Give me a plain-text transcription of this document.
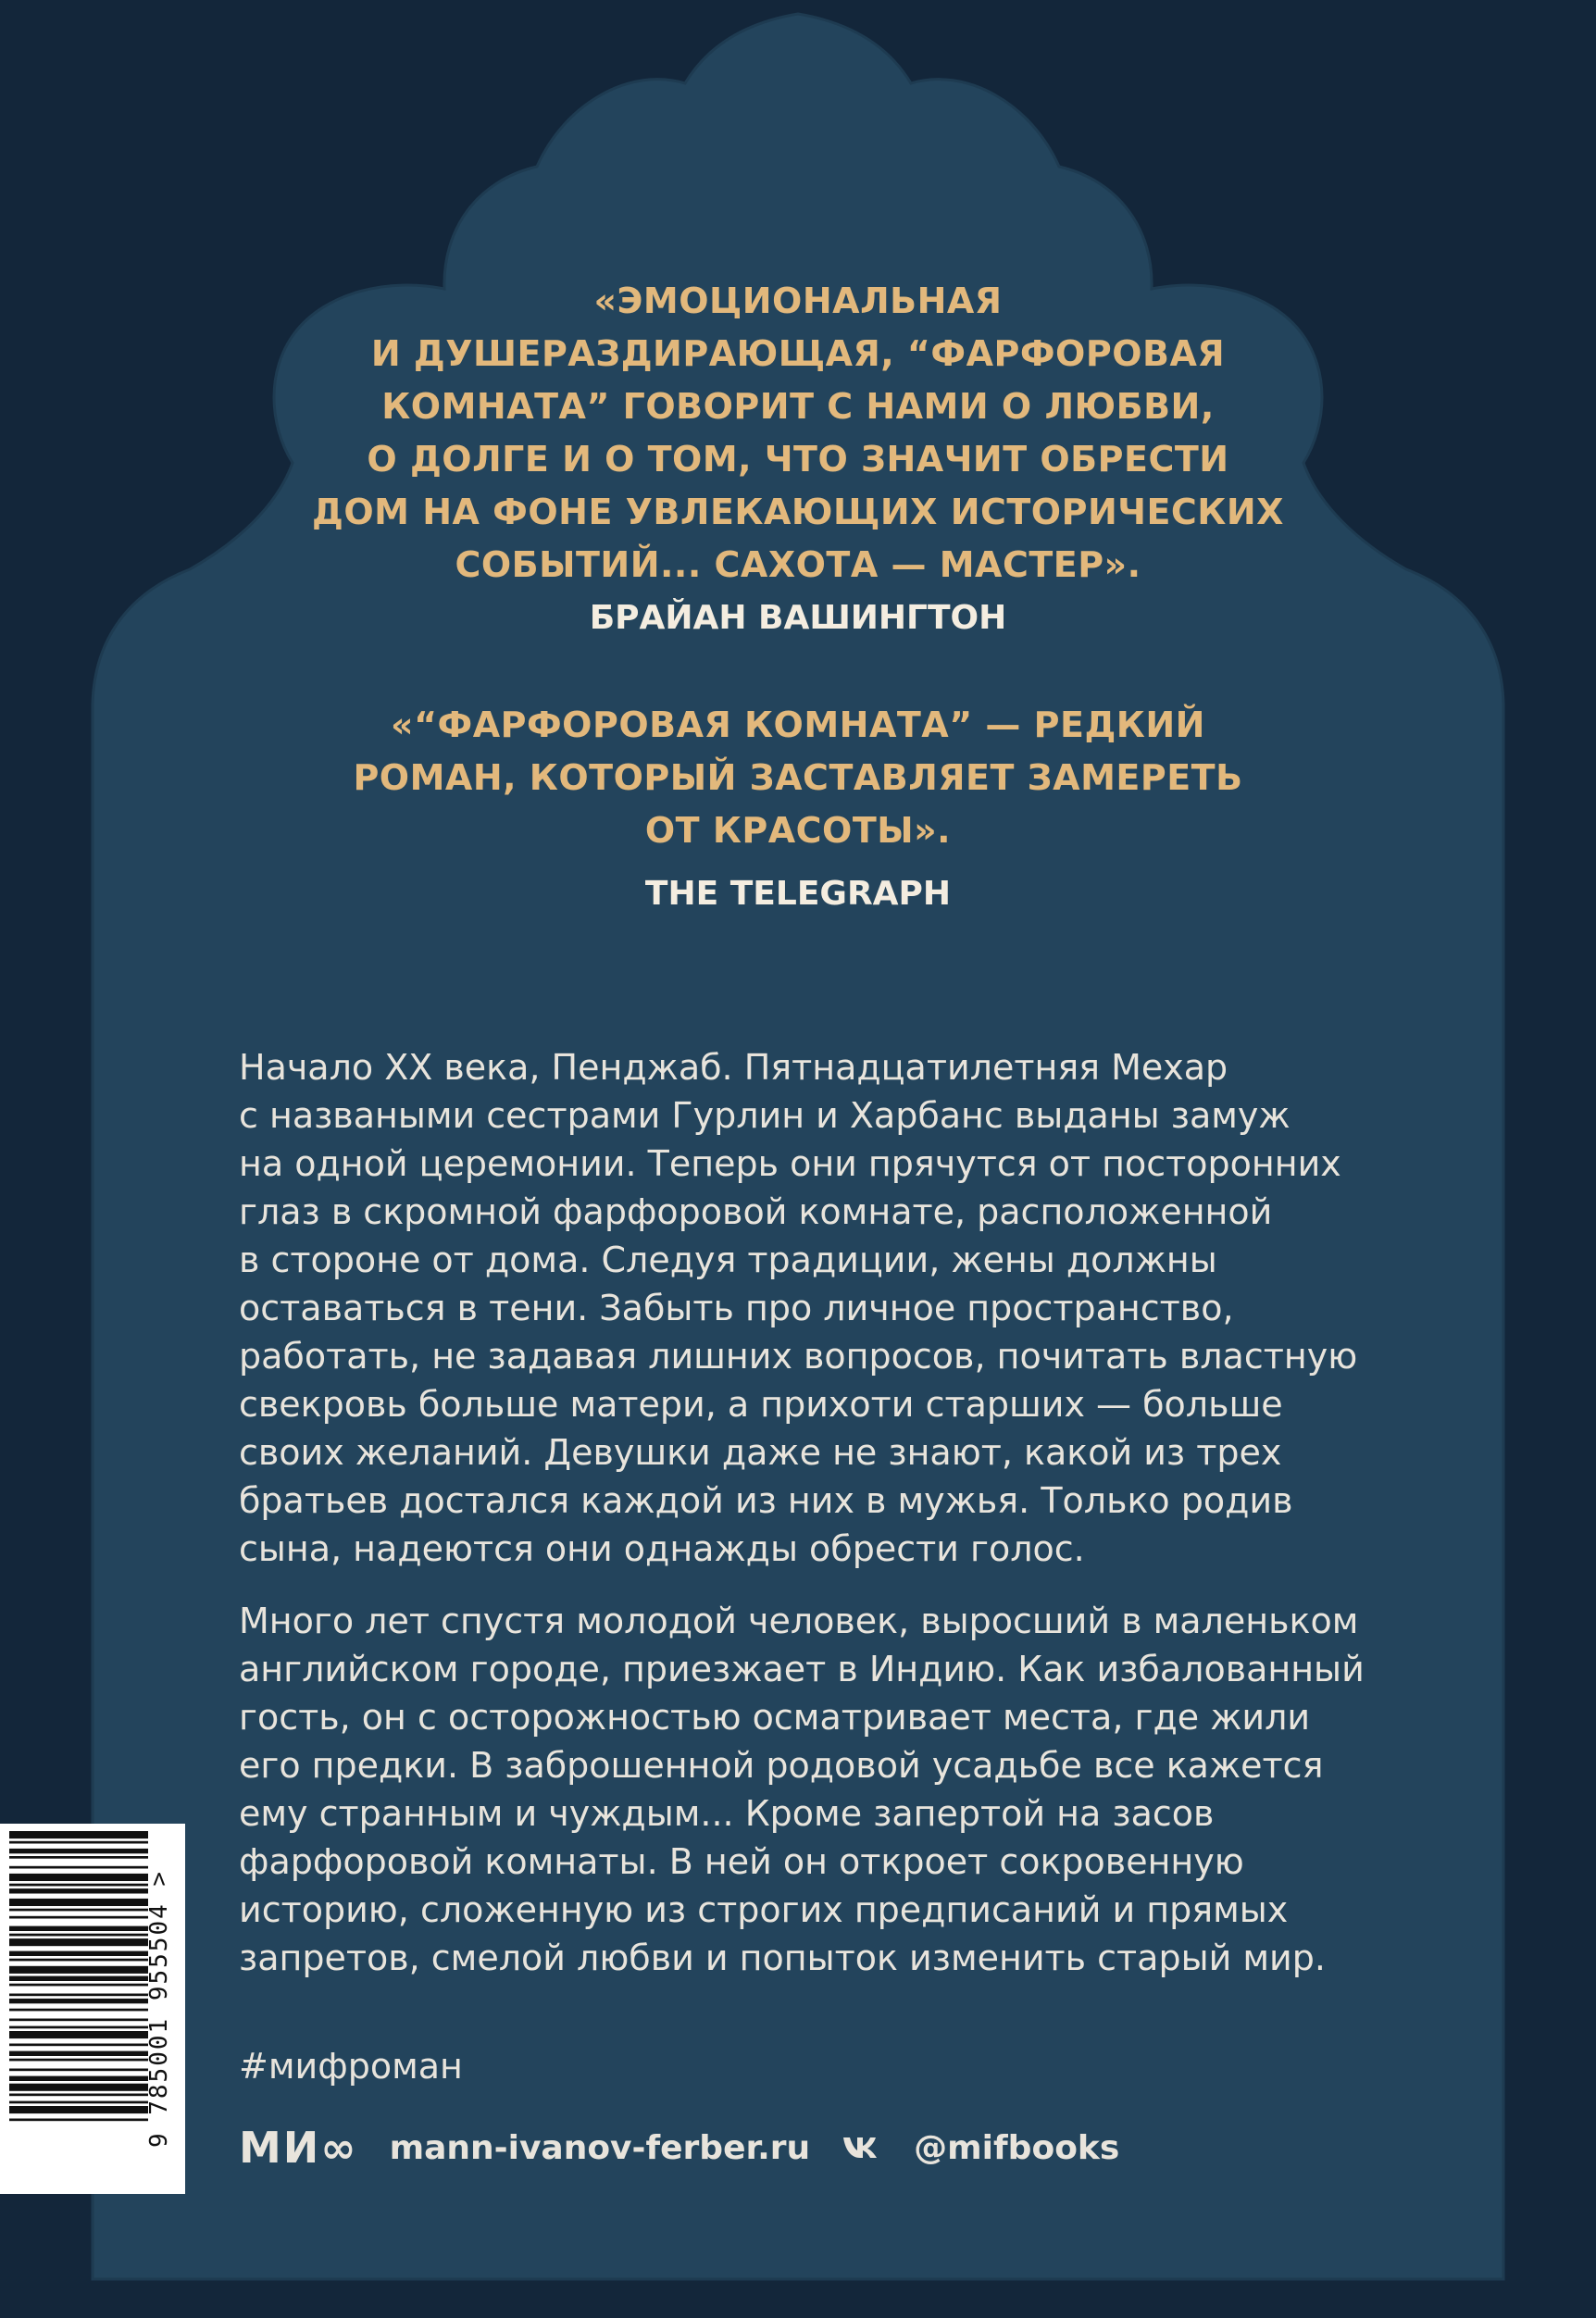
«ЭМОЦИОНАЛЬНАЯ
И ДУШЕРАЗДИРАЮЩАЯ, “ФАРФОРОВАЯ
КОМНАТА” ГОВОРИТ С НАМИ О ЛЮБВИ,
О ДОЛГЕ И О ТОМ, ЧТО ЗНАЧИТ ОБРЕСТИ
ДОМ НА ФОНЕ УВЛЕКАЮЩИХ ИСТОРИЧЕСКИХ
СОБЫТИЙ... САХОТА — МАСТЕР».
БРАЙАН ВАШИНГТОН
«“ФАРФОРОВАЯ КОМНАТА” — РЕДКИЙ
РОМАН, КОТОРЫЙ ЗАСТАВЛЯЕТ ЗАМЕРЕТЬ
ОТ КРАСОТЫ».
THE TELEGRAPH
Начало ХХ века, Пенджаб. Пятнадцатилетняя Мехар
с назваными сестрами Гурлин и Харбанс выданы замуж
на одной церемонии. Теперь они прячутся от посторонних
глаз в скромной фарфоровой комнате, расположенной
в стороне от дома. Следуя традиции, жены должны
оставаться в тени. Забыть про личное пространство,
работать, не задавая лишних вопросов, почитать властную
свекровь больше матери, а прихоти старших — больше
своих желаний. Девушки даже не знают, какой из трех
братьев достался каждой из них в мужья. Только родив
сына, надеются они однажды обрести голос.
Много лет спустя молодой человек, выросший в маленьком
английском городе, приезжает в Индию. Как избалованный
гость, он с осторожностью осматривает места, где жили
его предки. В заброшенной родовой усадьбе все кажется
ему странным и чуждым... Кроме запертой на засов
фарфоровой комнаты. В ней он откроет сокровенную
историю, сложенную из строгих предписаний и прямых
запретов, смелой любви и попыток изменить старый мир.
#мифроман
МИ∞ mann-ivanov-ferber.ru	@mifbooks
9 785001 955504 >
